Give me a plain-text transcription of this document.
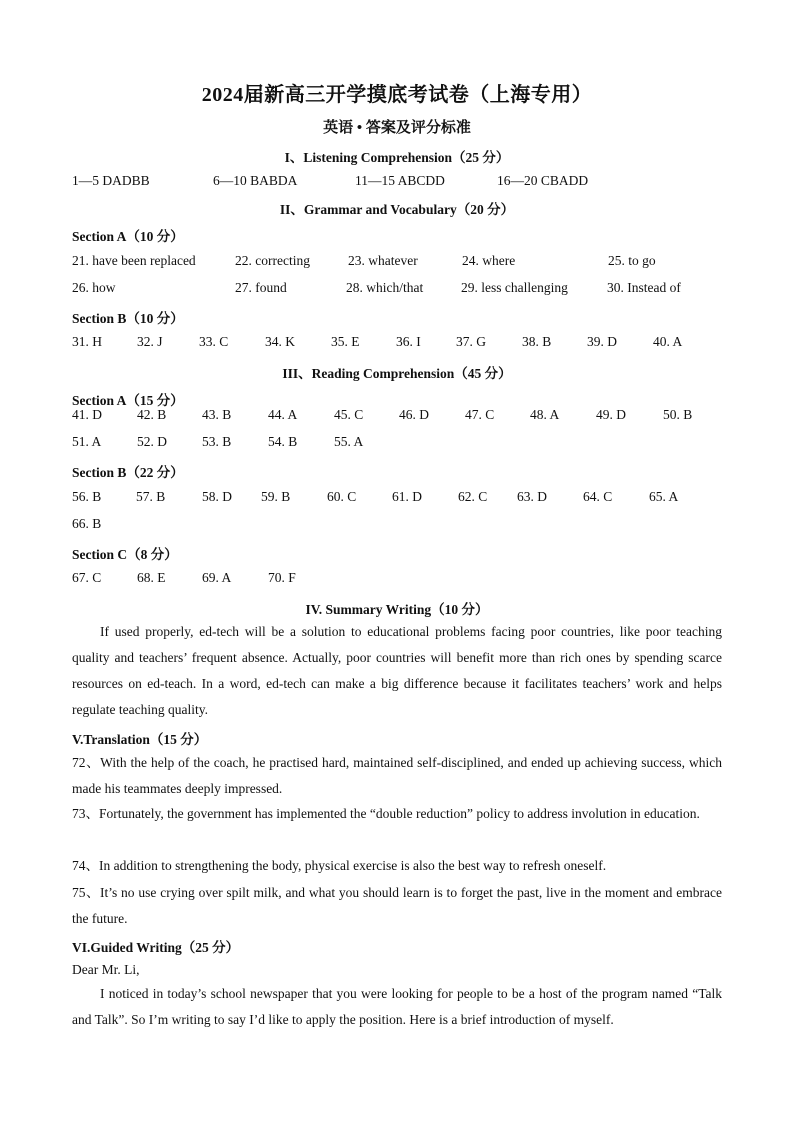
2024届新高三开学摸底考试卷（上海专用）
英语 • 答案及评分标准
I、Listening Comprehension（25 分）
1—5 DADBB	6—10 BABDA	11—15 ABCDD	16—20 CBADD
II、Grammar and Vocabulary（20 分）
Section A（10 分）
21. have been replaced	22. correcting	23. whatever	24. where	25. to go
26. how	27. found	28. which/that	29. less challenging	30. Instead of
Section B（10 分）
31. H	32. J	33. C	34. K	35. E	36. I	37. G	38. B	39. D	40. A
III、Reading Comprehension（45 分）
Section A（15 分）
41. D	42. B	43. B	44. A	45. C	46. D	47. C	48. A	49. D	50. B
51. A	52. D	53. B	54. B	55. A
Section B（22 分）
56. B	57. B	58. D 59. B	60. C	61. D	62. C 63. D	64. C	65. A
66. B
Section C（8 分）
67. C	68. E	69. A	70. F
IV. Summary Writing（10 分）

If used properly, ed-tech will be a solution to educational problems facing poor countries, like poor teaching quality and teachers’ frequent absence. Actually, poor countries will benefit more than rich ones by spending scarce resources on ed-teach. In a word, ed-tech can make a big difference because it facilitates teachers’ work and helps regulate teaching quality.

V.Translation（15 分）

72、With the help of the coach, he practised hard, maintained self-disciplined, and ended up achieving success, which made his teammates deeply impressed.

73、Fortunately, the government has implemented the “double reduction” policy to address involution in education.

74、In addition to strengthening the body, physical exercise is also the best way to refresh oneself.

75、It’s no use crying over spilt milk, and what you should learn is to forget the past, live in the moment and embrace the future.

VI.Guided Writing（25 分）
Dear Mr. Li,

I noticed in today’s school newspaper that you were looking for people to be a host of the program named “Talk and Talk”. So I’m writing to say I’d like to apply the position. Here is a brief introduction of myself.
